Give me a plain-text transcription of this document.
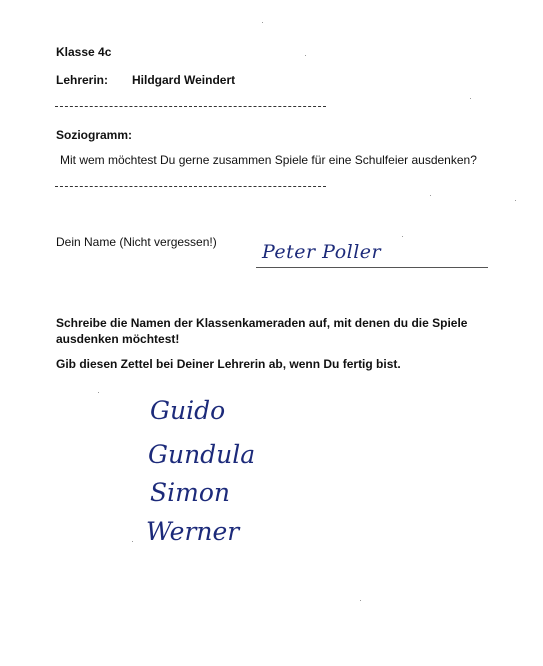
Klasse 4c
Lehrerin: Hildgard Weindert
Soziogramm:
Mit wem möchtest Du gerne zusammen Spiele für eine Schulfeier ausdenken?
Dein Name (Nicht vergessen!) Peter Poller
Schreibe die Namen der Klassenkameraden auf, mit denen du die Spiele
ausdenken möchtest!
Gib diesen Zettel bei Deiner Lehrerin ab, wenn Du fertig bist.
Guido
Gundula
Simon
Werner
